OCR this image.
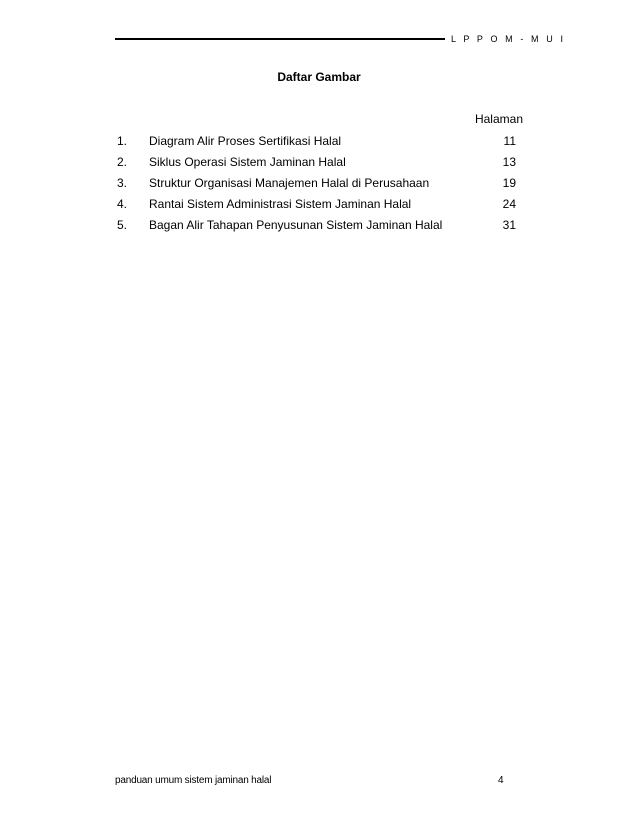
L P P O M - M U I
Daftar Gambar
Halaman
1. Diagram Alir Proses Sertifikasi Halal	11
2. Siklus Operasi Sistem Jaminan Halal	13
3. Struktur Organisasi Manajemen Halal di Perusahaan	19
4. Rantai Sistem Administrasi Sistem Jaminan Halal	24
5. Bagan Alir Tahapan Penyusunan Sistem Jaminan Halal	31
panduan umum sistem jaminan halal	4
